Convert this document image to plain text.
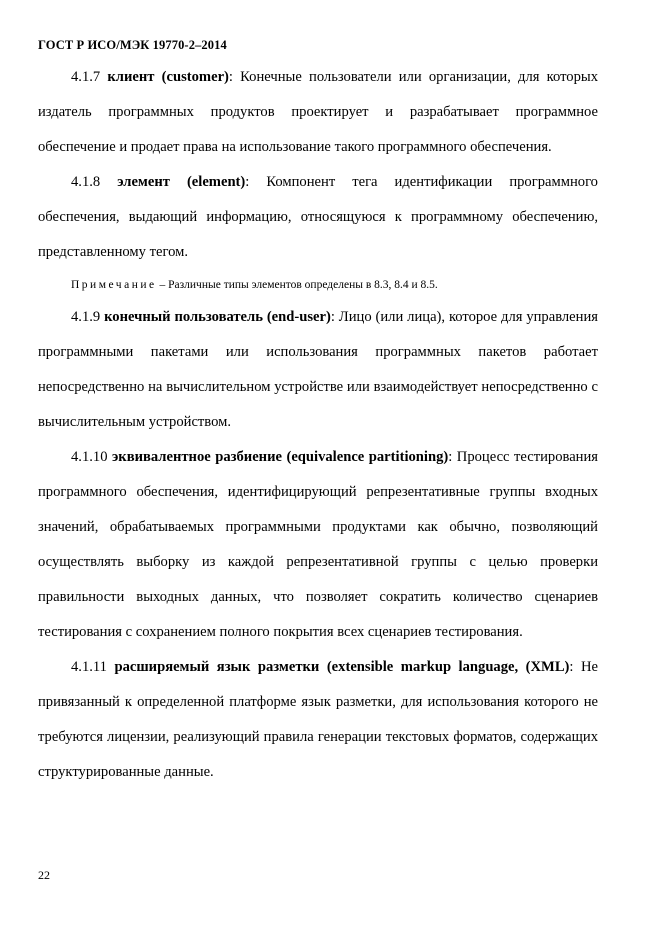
ГОСТ Р ИСО/МЭК 19770-2–2014

4.1.7 клиент (customer): Конечные пользователи или организации, для которых издатель программных продуктов проектирует и разрабатывает программное обеспечение и продает права на использование такого программного обеспечения.

4.1.8 элемент (element): Компонент тега идентификации программного обеспечения, выдающий информацию, относящуюся к программному обеспечению, представленному тегом.

Примечание – Различные типы элементов определены в 8.3, 8.4 и 8.5.

4.1.9 конечный пользователь (end-user): Лицо (или лица), которое для управления программными пакетами или использования программных пакетов работает непосредственно на вычислительном устройстве или взаимодействует непосредственно с вычислительным устройством.

4.1.10 эквивалентное разбиение (equivalence partitioning): Процесс тестирования программного обеспечения, идентифицирующий репрезентативные группы входных значений, обрабатываемых программными продуктами как обычно, позволяющий осуществлять выборку из каждой репрезентативной группы с целью проверки правильности выходных данных, что позволяет сократить количество сценариев тестирования с сохранением полного покрытия всех сценариев тестирования.

4.1.11 расширяемый язык разметки (extensible markup language, (XML): Не привязанный к определенной платформе язык разметки, для использования которого не требуются лицензии, реализующий правила генерации текстовых форматов, содержащих структурированные данные.

22
